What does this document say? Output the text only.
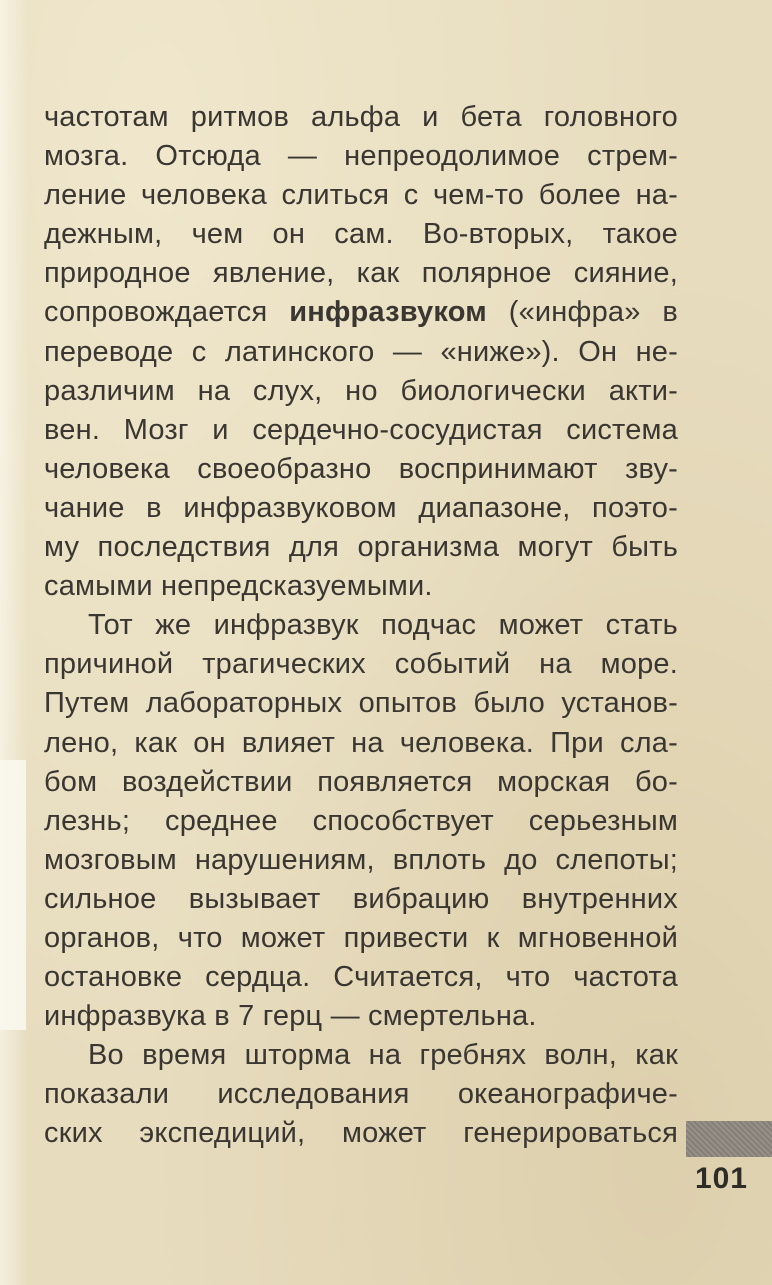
частотам ритмов альфа и бета головного
мозга. Отсюда — непреодолимое стрем-
ление человека слиться с чем-то более на-
дежным, чем он сам. Во-вторых, такое
природное явление, как полярное сияние,
сопровождается инфразвуком («инфра» в
переводе с латинского — «ниже»). Он не-
различим на слух, но биологически акти-
вен. Мозг и сердечно-сосудистая система
человека своеобразно воспринимают зву-
чание в инфразвуковом диапазоне, поэто-
му последствия для организма могут быть
самыми непредсказуемыми.
Тот же инфразвук подчас может стать
причиной трагических событий на море.
Путем лабораторных опытов было установ-
лено, как он влияет на человека. При сла-
бом воздействии появляется морская бо-
лезнь; среднее способствует серьезным
мозговым нарушениям, вплоть до слепоты;
сильное вызывает вибрацию внутренних
органов, что может привести к мгновенной
остановке сердца. Считается, что частота
инфразвука в 7 герц — смертельна.
Во время шторма на гребнях волн, как
показали исследования океанографиче-
ских экспедиций, может генерироваться
101
